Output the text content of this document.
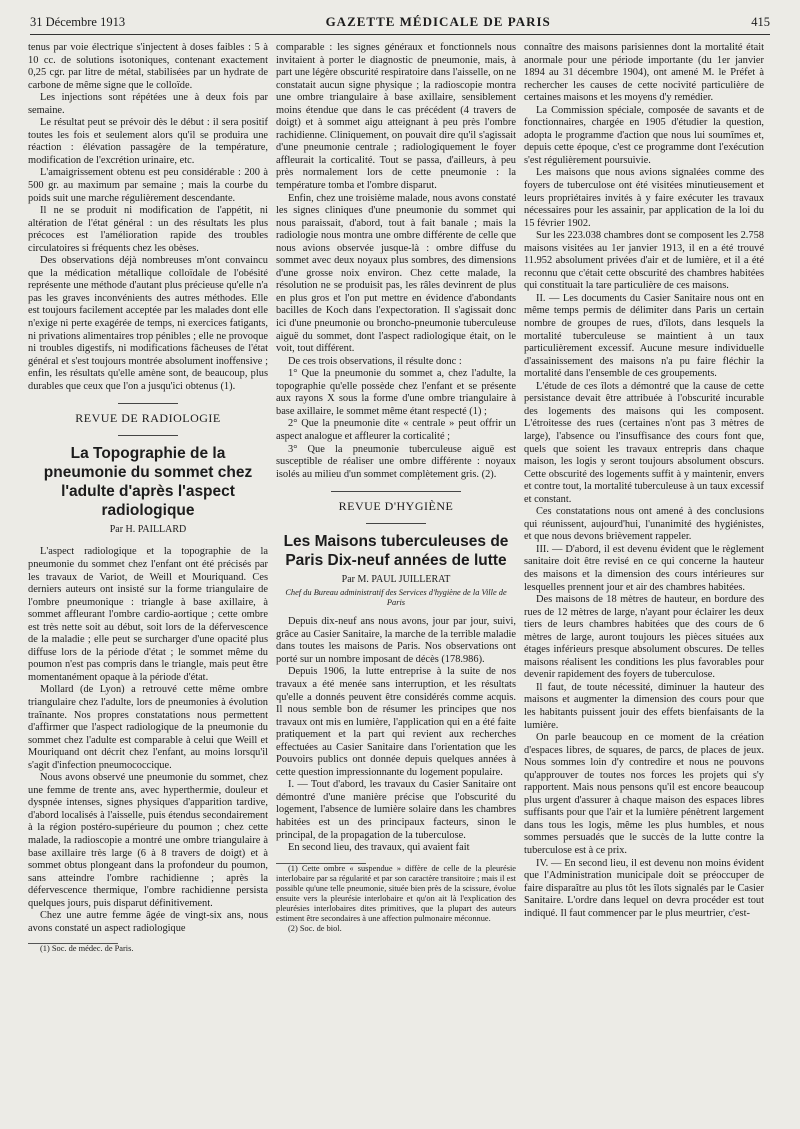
31 Décembre 1913	GAZETTE MÉDICALE DE PARIS	415

tenus par voie électrique s'injectent à doses faibles : 5 à 10 cc. de solutions isotoniques, contenant exactement 0,25 cgr. par litre de métal, stabilisées par un hydrate de carbone de même signe que le colloïde.

Les injections sont répétées une à deux fois par semaine.

Le résultat peut se prévoir dès le début : il sera positif toutes les fois et seulement alors qu'il se produira une réaction : élévation passagère de la température, modification de l'excrétion urinaire, etc.

L'amaigrissement obtenu est peu considérable : 200 à 500 gr. au maximum par semaine ; mais la courbe du poids suit une marche régulièrement descendante.

Il ne se produit ni modification de l'appétit, ni altération de l'état général : un des résultats les plus précoces est l'amélioration rapide des troubles circulatoires si fréquents chez les obèses.

Des observations déjà nombreuses m'ont convaincu que la médication métallique colloïdale de l'obésité représente une méthode d'autant plus précieuse qu'elle n'a pas les graves inconvénients des autres méthodes. Elle est toujours facilement acceptée par les malades dont elle n'exige ni perte exagérée de temps, ni exercices fatigants, ni privations alimentaires trop pénibles ; elle ne provoque ni troubles digestifs, ni modifications fâcheuses de l'état général et s'est toujours montrée absolument inoffensive ; enfin, les résultats qu'elle amène sont, de beaucoup, plus durables que ceux que l'on a jusqu'ici obtenus (1).

REVUE DE RADIOLOGIE
La Topographie de la pneumonie du sommet chez l'adulte d'après l'aspect radiologique
Par H. PAILLARD

L'aspect radiologique et la topographie de la pneumonie du sommet chez l'enfant ont été précisés par les travaux de Variot, de Weill et Mouriquand. Ces derniers auteurs ont insisté sur la forme triangulaire de l'ombre pneumonique : triangle à base axillaire, à sommet affleurant l'ombre cardio-aortique ; cette ombre est très nette soit au début, soit lors de la défervescence de la maladie ; elle peut se surcharger d'une opacité plus diffuse lors de la période d'état ; le sommet même du poumon n'est pas compris dans le triangle, mais peut être momentanément opaque à la période d'état.

Mollard (de Lyon) a retrouvé cette même ombre triangulaire chez l'adulte, lors de pneumonies à évolution traînante. Nos propres constatations nous permettent d'affirmer que l'aspect radiologique de la pneumonie du sommet chez l'adulte est comparable à celui que Weill et Mouriquand ont décrit chez l'enfant, au moins lorsqu'il s'agit d'infection pneumococcique.

Nous avons observé une pneumonie du sommet, chez une femme de trente ans, avec hyperthermie, douleur et dyspnée intenses, signes physiques d'apparition tardive, d'abord localisés à l'aisselle, puis étendus secondairement à la région postéro-supérieure du poumon ; chez cette malade, la radioscopie a montré une ombre triangulaire à base axillaire très large (6 à 8 travers de doigt) et à sommet obtus plongeant dans la profondeur du poumon, sans atteindre l'ombre rachidienne ; après la défervescence thermique, l'ombre rachidienne persista quelques jours, puis disparut définitivement.

Chez une autre femme âgée de vingt-six ans, nous avons constaté un aspect radiologique

(1) Soc. de médec. de Paris.

comparable : les signes généraux et fonctionnels nous invitaient à porter le diagnostic de pneumonie, mais, à part une légère obscurité respiratoire dans l'aisselle, on ne constatait aucun signe physique ; la radioscopie montra une ombre triangulaire à base axillaire, sensiblement moins étendue que dans le cas précédent (4 travers de doigt) et à sommet aigu atteignant à peu près l'ombre rachidienne. Cliniquement, on pouvait dire qu'il s'agissait d'une pneumonie centrale ; radiologiquement le foyer affleurait la corticalité. Tout se passa, d'ailleurs, à peu près normalement lors de cette pneumonie : la température tomba et l'ombre disparut.

Enfin, chez une troisième malade, nous avons constaté les signes cliniques d'une pneumonie du sommet qui nous paraissait, d'abord, tout à fait banale ; mais la radiologie nous montra une ombre différente de celle que nous avions observée jusque-là : ombre diffuse du sommet avec deux noyaux plus sombres, des dimensions d'une grosse noix environ. Chez cette malade, la résolution ne se produisit pas, les râles devinrent de plus en plus gros et l'on put mettre en évidence d'abondants bacilles de Koch dans l'expectoration. Il s'agissait donc ici d'une pneumonie ou broncho-pneumonie tuberculeuse aiguë du sommet, dont l'aspect radiologique était, on le voit, tout différent.

De ces trois observations, il résulte donc :

1° Que la pneumonie du sommet a, chez l'adulte, la topographie qu'elle possède chez l'enfant et se présente aux rayons X sous la forme d'une ombre triangulaire à base axillaire, le sommet même étant respecté (1) ;

2° Que la pneumonie dite « centrale » peut offrir un aspect analogue et affleurer la corticalité ;

3° Que la pneumonie tuberculeuse aiguë est susceptible de réaliser une ombre différente : noyaux isolés au milieu d'un sommet complètement gris. (2).

REVUE D'HYGIÈNE
Les Maisons tuberculeuses de Paris Dix-neuf années de lutte
Par M. PAUL JUILLERAT
Chef du Bureau administratif des Services d'hygiène de la Ville de Paris

Depuis dix-neuf ans nous avons, jour par jour, suivi, grâce au Casier Sanitaire, la marche de la terrible maladie dans toutes les maisons de Paris. Nos observations ont porté sur un nombre imposant de décès (178.986).

Depuis 1906, la lutte entreprise à la suite de nos travaux a été menée sans interruption, et les résultats qu'elle a donnés peuvent être considérés comme acquis. Il nous semble bon de résumer les principes que nos travaux ont mis en lumière, l'application qui en a été faite pratiquement et la part qui revient aux recherches effectuées au Casier Sanitaire dans l'orientation que les Pouvoirs publics ont donnée depuis quelques années à cette question impressionnante du logement populaire.

I. — Tout d'abord, les travaux du Casier Sanitaire ont démontré d'une manière précise que l'obscurité du logement, l'absence de lumière solaire dans les chambres habitées est un des principaux facteurs, sinon le principal, de la propagation de la tuberculose.

En second lieu, des travaux, qui avaient fait

(1) Cette ombre « suspendue » diffère de celle de la pleurésie interlobaire par sa régularité et par son caractère transitoire ; mais il est possible qu'une telle pneumonie, située bien près de la scissure, évolue ensuite vers la pleurésie interlobaire et qu'on ait là l'explication des pleurésies interlobaires dites primitives, que la plupart des auteurs estiment être secondaires à une affection pulmonaire méconnue.

(2) Soc. de biol.

connaître des maisons parisiennes dont la mortalité était anormale pour une période importante (du 1er janvier 1894 au 31 décembre 1904), ont amené M. le Préfet à rechercher les causes de cette nocivité particulière de certaines maisons et les moyens d'y remédier.

La Commission spéciale, composée de savants et de fonctionnaires, chargée en 1905 d'étudier la question, adopta le programme d'action que nous lui soumîmes et, depuis cette époque, c'est ce programme dont l'exécution s'est régulièrement poursuivie.

Les maisons que nous avions signalées comme des foyers de tuberculose ont été visitées minutieusement et leurs propriétaires invités à y faire exécuter les travaux nécessaires pour les assainir, par application de la loi du 15 février 1902.

Sur les 223.038 chambres dont se composent les 2.758 maisons visitées au 1er janvier 1913, il en a été trouvé 11.952 absolument privées d'air et de lumière, et il a été reconnu que c'était cette obscurité des chambres habitées qui constituait la tare particulière de ces maisons.

II. — Les documents du Casier Sanitaire nous ont en même temps permis de délimiter dans Paris un certain nombre de groupes de rues, d'îlots, dans lesquels la mortalité tuberculeuse se maintient à un taux particulièrement excessif. Aucune mesure individuelle d'assainissement des maisons n'a pu faire fléchir la mortalité dans l'ensemble de ces groupements.

L'étude de ces îlots a démontré que la cause de cette persistance devait être attribuée à l'obscurité incurable des logements des maisons qui les composent. L'étroitesse des rues (certaines n'ont pas 3 mètres de large), l'absence ou l'insuffisance des cours font que, quels que soient les travaux entrepris dans chaque maison, les logis y seront toujours absolument obscurs. Cette obscurité des logements suffit à y maintenir, envers et contre tout, la mortalité tuberculeuse à un taux excessif et constant.

Ces constatations nous ont amené à des conclusions qui réunissent, aujourd'hui, l'unanimité des hygiénistes, et que nous devons brièvement rappeler.

III. — D'abord, il est devenu évident que le règlement sanitaire doit être revisé en ce qui concerne la hauteur des maisons et la dimension des cours intérieures sur lesquelles prennent jour et air des chambres habitées.

Des maisons de 18 mètres de hauteur, en bordure des rues de 12 mètres de large, n'ayant pour éclairer les deux tiers de leurs chambres habitées que des cours de 6 mètres de large, auront toujours les pièces situées aux étages inférieurs presque absolument obscures. De telles maisons réalisent les conditions les plus favorables pour devenir rapidement des foyers de tuberculose.

Il faut, de toute nécessité, diminuer la hauteur des maisons et augmenter la dimension des cours pour que les habitants puissent jouir des effets bienfaisants de la lumière.

On parle beaucoup en ce moment de la création d'espaces libres, de squares, de parcs, de places de jeux. Nous sommes loin d'y contredire et nous ne pouvons qu'approuver de toutes nos forces les projets qui s'y rapportent. Mais nous pensons qu'il est encore beaucoup plus urgent d'assurer à chaque maison des espaces libres suffisants pour que l'air et la lumière pénètrent largement dans tous les logis, même les plus humbles, et nous sommes persuadés que le succès de la lutte contre la tuberculose est à ce prix.

IV. — En second lieu, il est devenu non moins évident que l'Administration municipale doit se préoccuper de faire disparaître au plus tôt les îlots signalés par le Casier Sanitaire. L'ordre dans lequel on devra procéder est tout indiqué. Il faut commencer par le plus meurtrier, c'est-
